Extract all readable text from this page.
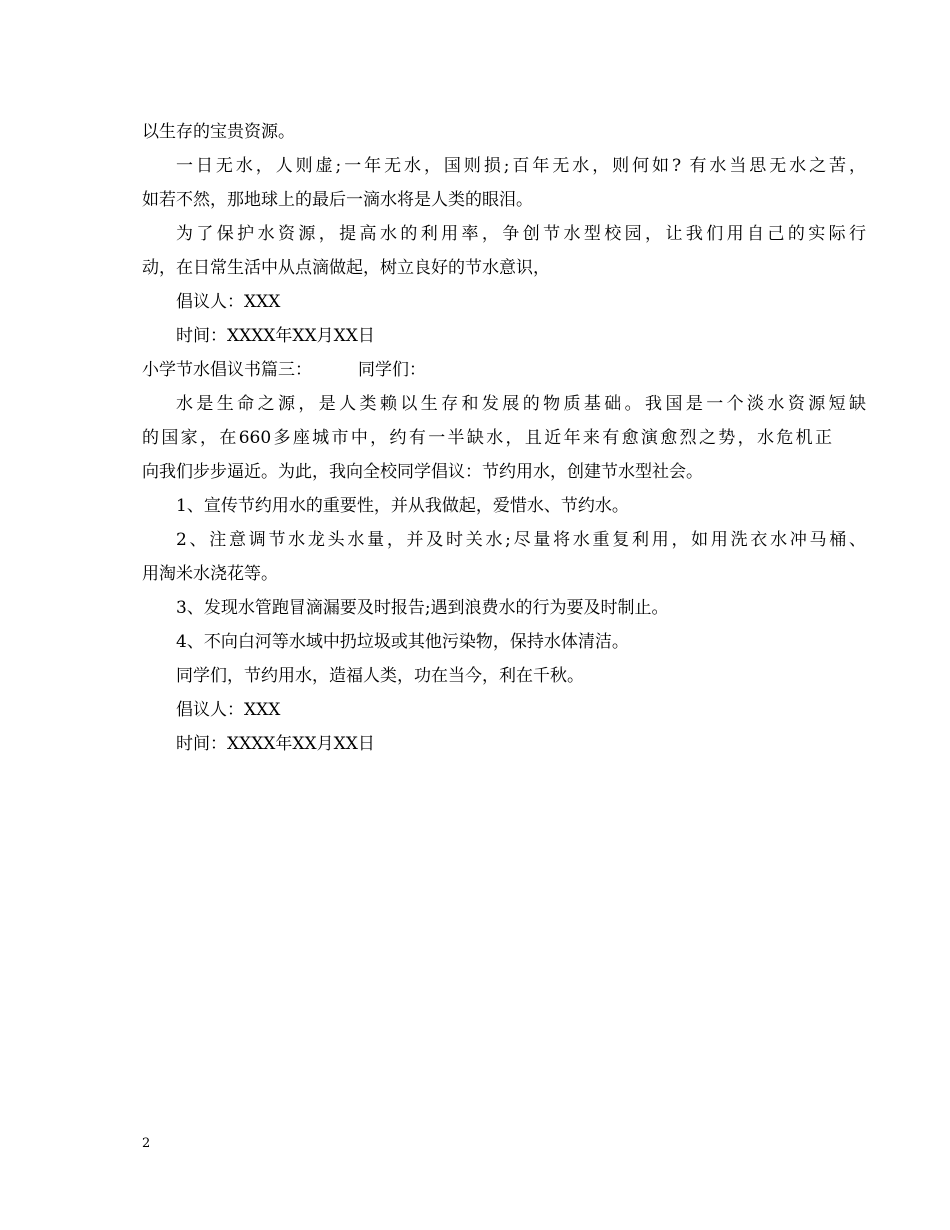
以生存的宝贵资源。
一日无水，人则虚;一年无水，国则损;百年无水，则何如? 有水当思无水之苦，
如若不然，那地球上的最后一滴水将是人类的眼泪。
为了保护水资源，提高水的利用率，争创节水型校园，让我们用自己的实际行
动，在日常生活中从点滴做起，树立良好的节水意识，
倡议人：XXX
时间：XXXX年XX月XX日
小学节水倡议书篇三：	同学们：
水是生命之源，是人类赖以生存和发展的物质基础。我国是一个淡水资源短缺
的国家，在660多座城市中，约有一半缺水，且近年来有愈演愈烈之势，水危机正
向我们步步逼近。为此，我向全校同学倡议：节约用水，创建节水型社会。
1、宣传节约用水的重要性，并从我做起，爱惜水、节约水。
2、注意调节水龙头水量，并及时关水;尽量将水重复利用，如用洗衣水冲马桶、
用淘米水浇花等。
3、发现水管跑冒滴漏要及时报告;遇到浪费水的行为要及时制止。
4、不向白河等水域中扔垃圾或其他污染物，保持水体清洁。
同学们，节约用水，造福人类，功在当今，利在千秋。
倡议人：XXX
时间：XXXX年XX月XX日
2
